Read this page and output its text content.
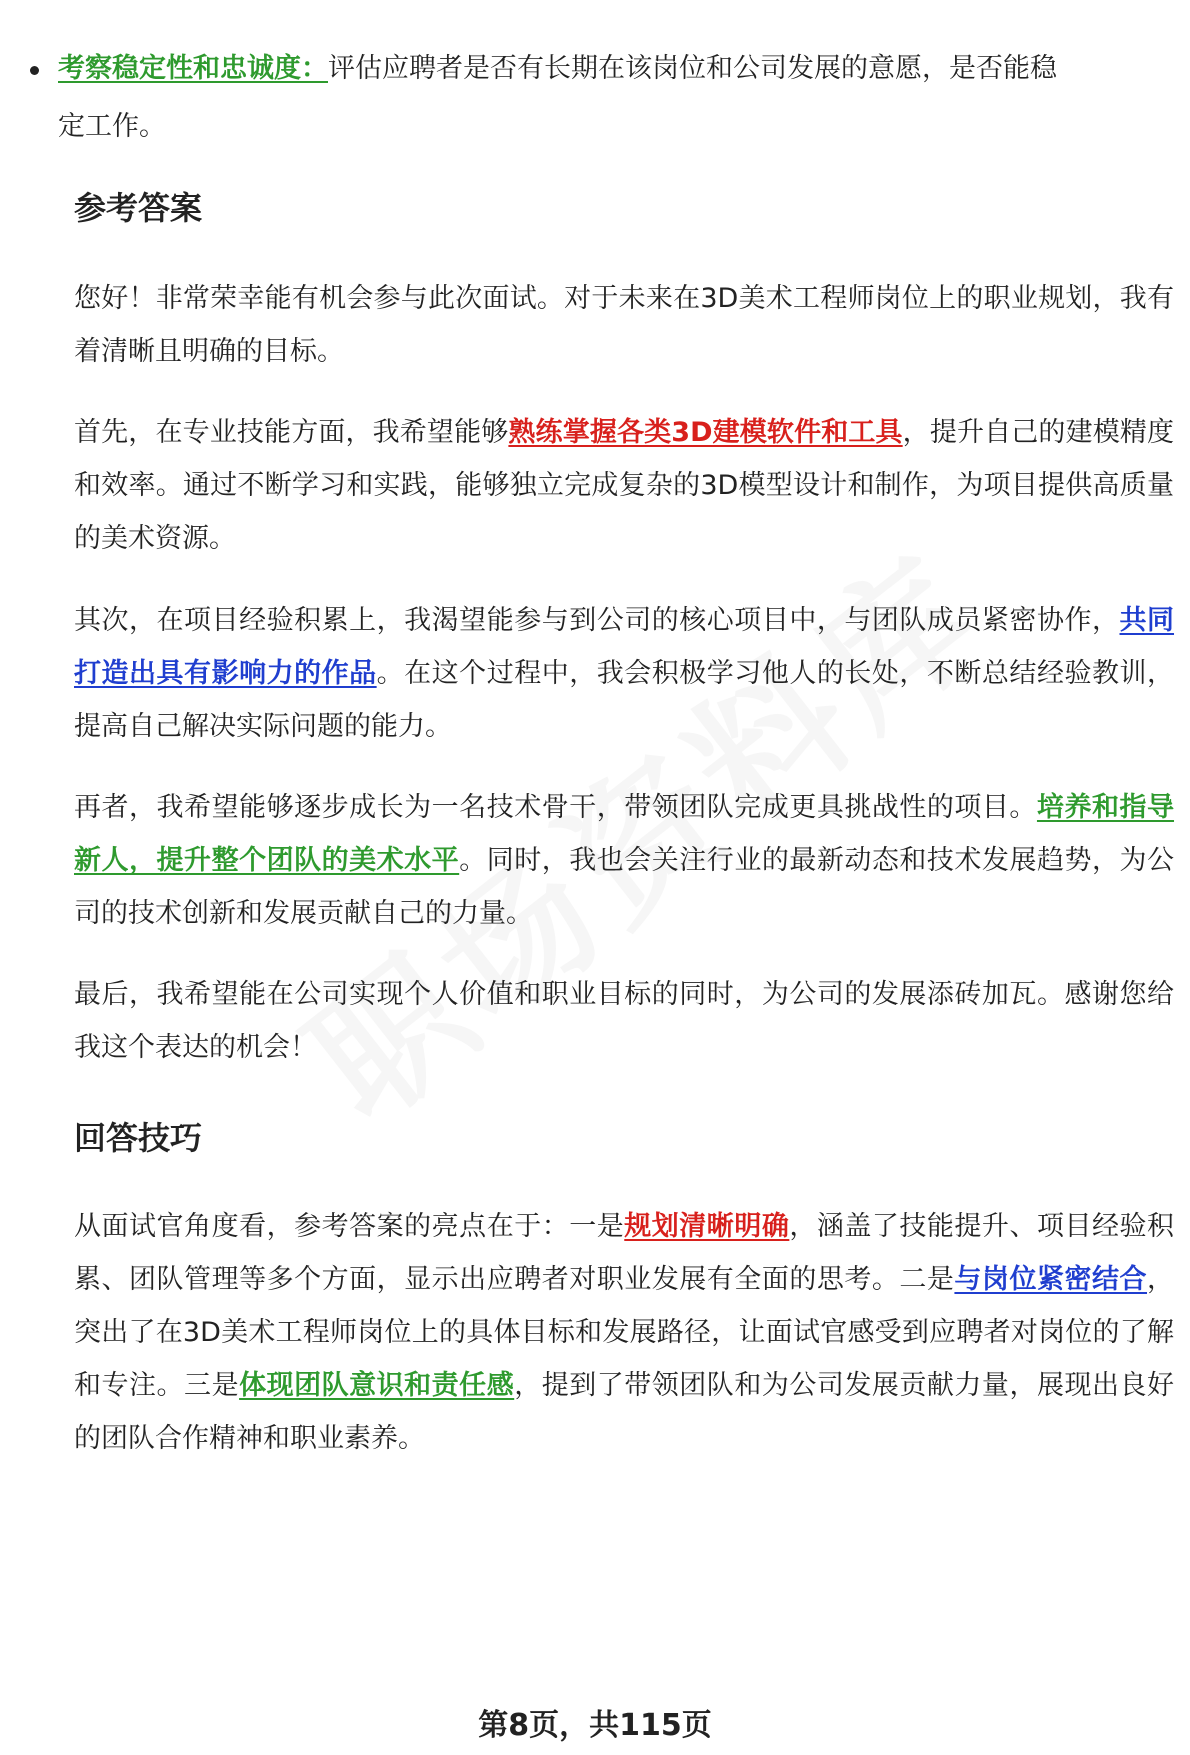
考察稳定性和忠诚度：评估应聘者是否有长期在该岗位和公司发展的意愿，是否能稳定工作。
参考答案

您好！非常荣幸能有机会参与此次面试。对于未来在3D美术工程师岗位上的职业规划，我有着清晰且明确的目标。

首先，在专业技能方面，我希望能够熟练掌握各类3D建模软件和工具，提升自己的建模精度和效率。通过不断学习和实践，能够独立完成复杂的3D模型设计和制作，为项目提供高质量的美术资源。

其次，在项目经验积累上，我渴望能参与到公司的核心项目中，与团队成员紧密协作，共同打造出具有影响力的作品。在这个过程中，我会积极学习他人的长处，不断总结经验教训，提高自己解决实际问题的能力。

再者，我希望能够逐步成长为一名技术骨干，带领团队完成更具挑战性的项目。培养和指导新人，提升整个团队的美术水平。同时，我也会关注行业的最新动态和技术发展趋势，为公司的技术创新和发展贡献自己的力量。

最后，我希望能在公司实现个人价值和职业目标的同时，为公司的发展添砖加瓦。感谢您给我这个表达的机会！

回答技巧

从面试官角度看，参考答案的亮点在于：一是规划清晰明确，涵盖了技能提升、项目经验积累、团队管理等多个方面，显示出应聘者对职业发展有全面的思考。二是与岗位紧密结合，突出了在3D美术工程师岗位上的具体目标和发展路径，让面试官感受到应聘者对岗位的了解和专注。三是体现团队意识和责任感，提到了带领团队和为公司发展贡献力量，展现出良好的团队合作精神和职业素养。

第8页，共115页
